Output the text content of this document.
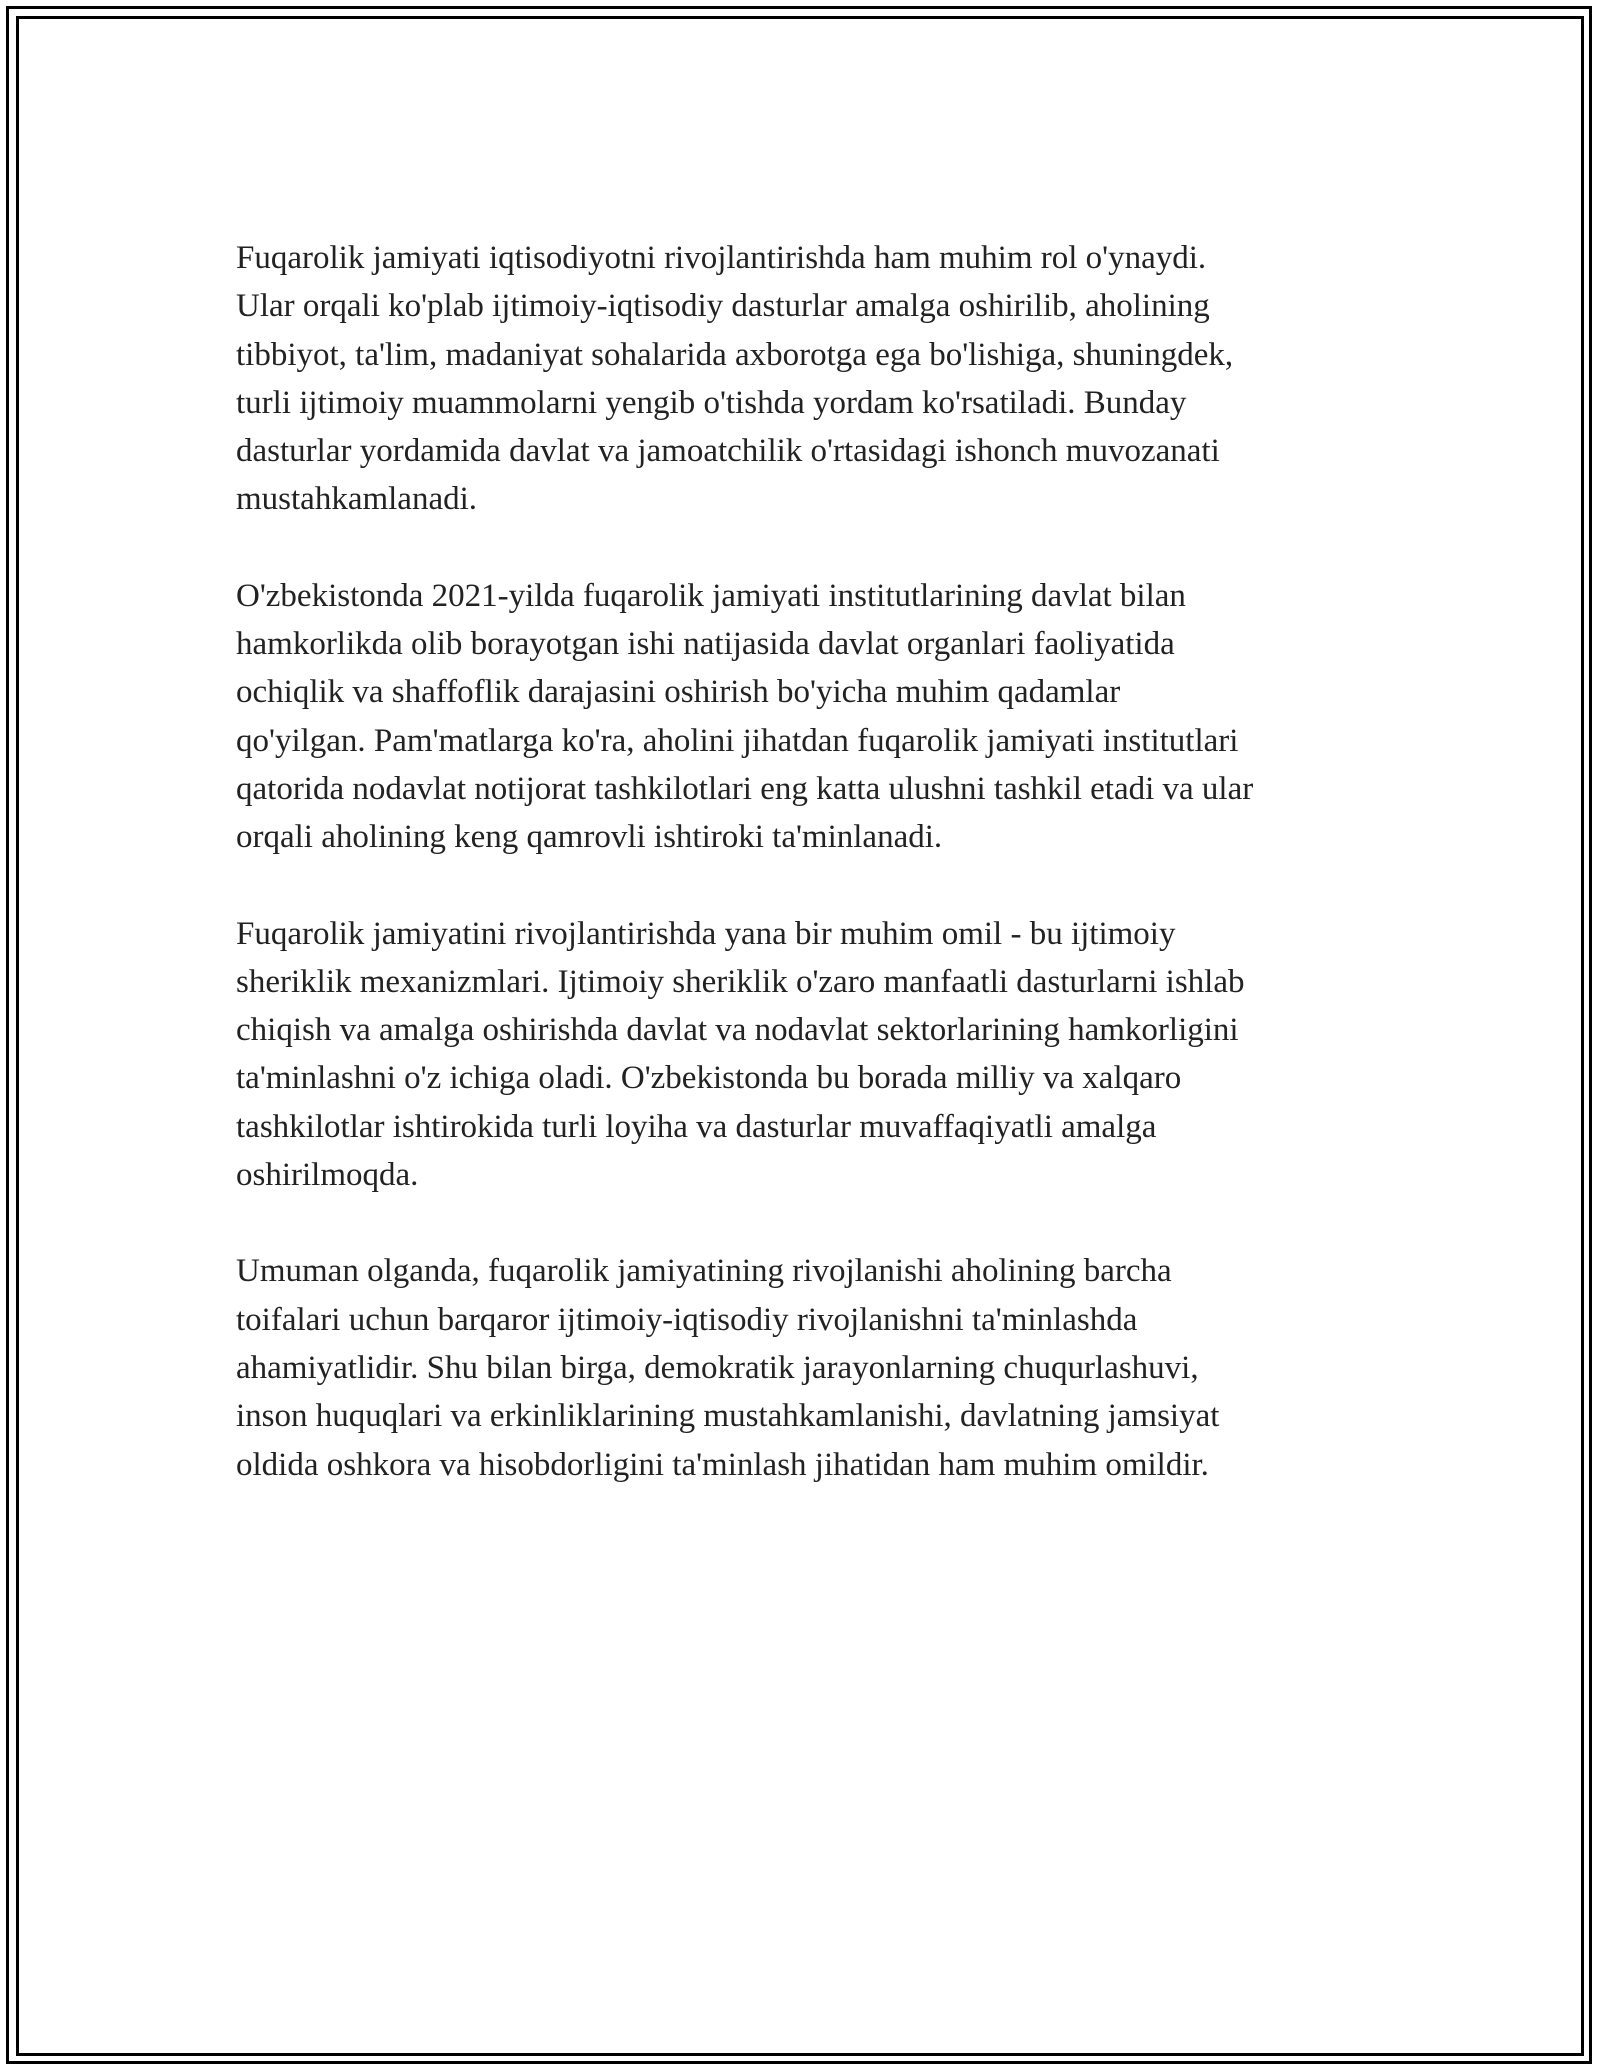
Fuqarolik jamiyati iqtisodiyotni rivojlantirishda ham muhim rol o'ynaydi.
Ular orqali ko'plab ijtimoiy-iqtisodiy dasturlar amalga oshirilib, aholining
tibbiyot, ta'lim, madaniyat sohalarida axborotga ega bo'lishiga, shuningdek,
turli ijtimoiy muammolarni yengib o'tishda yordam ko'rsatiladi. Bunday
dasturlar yordamida davlat va jamoatchilik o'rtasidagi ishonch muvozanati
mustahkamlanadi.

O'zbekistonda 2021-yilda fuqarolik jamiyati institutlarining davlat bilan
hamkorlikda olib borayotgan ishi natijasida davlat organlari faoliyatida
ochiqlik va shaffoflik darajasini oshirish bo'yicha muhim qadamlar
qo'yilgan. Pam'matlarga ko'ra, aholini jihatdan fuqarolik jamiyati institutlari
qatorida nodavlat notijorat tashkilotlari eng katta ulushni tashkil etadi va ular
orqali aholining keng qamrovli ishtiroki ta'minlanadi.

Fuqarolik jamiyatini rivojlantirishda yana bir muhim omil - bu ijtimoiy
sheriklik mexanizmlari. Ijtimoiy sheriklik o'zaro manfaatli dasturlarni ishlab
chiqish va amalga oshirishda davlat va nodavlat sektorlarining hamkorligini
ta'minlashni o'z ichiga oladi. O'zbekistonda bu borada milliy va xalqaro
tashkilotlar ishtirokida turli loyiha va dasturlar muvaffaqiyatli amalga
oshirilmoqda.

Umuman olganda, fuqarolik jamiyatining rivojlanishi aholining barcha
toifalari uchun barqaror ijtimoiy-iqtisodiy rivojlanishni ta'minlashda
ahamiyatlidir. Shu bilan birga, demokratik jarayonlarning chuqurlashuvi,
inson huquqlari va erkinliklarining mustahkamlanishi, davlatning jamsiyat
oldida oshkora va hisobdorligini ta'minlash jihatidan ham muhim omildir.
